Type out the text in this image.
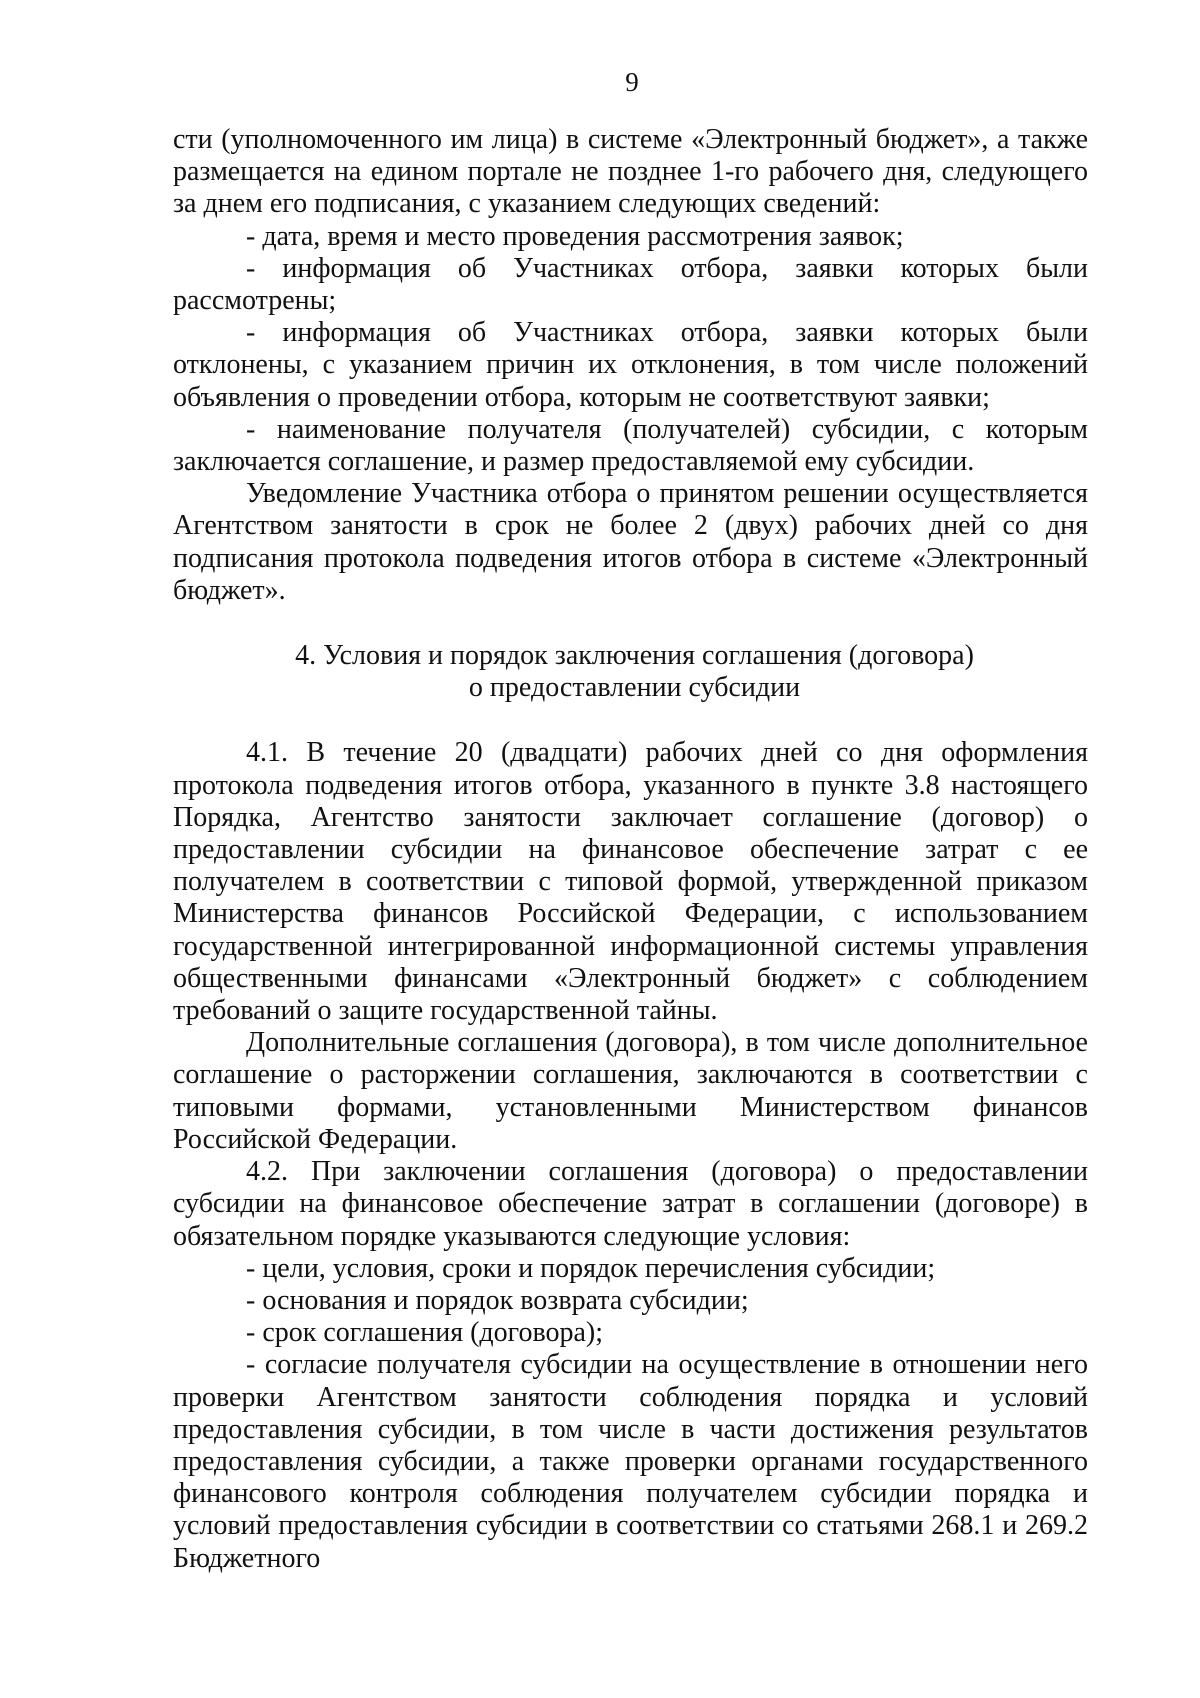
9

сти (уполномоченного им лица) в системе «Электронный бюджет», а также размещается на едином портале не позднее 1-го рабочего дня, следующего за днем его подписания, с указанием следующих сведений:

- дата, время и место проведения рассмотрения заявок;

- информация об Участниках отбора, заявки которых были рассмотрены;

- информация об Участниках отбора, заявки которых были отклонены, с указанием причин их отклонения, в том числе положений объявления о проведении отбора, которым не соответствуют заявки;

- наименование получателя (получателей) субсидии, с которым заключается соглашение, и размер предоставляемой ему субсидии.

Уведомление Участника отбора о принятом решении осуществляется Агентством занятости в срок не более 2 (двух) рабочих дней со дня подписания протокола подведения итогов отбора в системе «Электронный бюджет».

4. Условия и порядок заключения соглашения (договора)

о предоставлении субсидии

4.1. В течение 20 (двадцати) рабочих дней со дня оформления протокола подведения итогов отбора, указанного в пункте 3.8 настоящего Порядка, Агентство занятости заключает соглашение (договор) о предоставлении субсидии на финансовое обеспечение затрат с ее получателем в соответствии с типовой формой, утвержденной приказом Министерства финансов Российской Федерации, с использованием государственной интегрированной информационной системы управления общественными финансами «Электронный бюджет» с соблюдением требований о защите государственной тайны.

Дополнительные соглашения (договора), в том числе дополнительное соглашение о расторжении соглашения, заключаются в соответствии с типовыми формами, установленными Министерством финансов Российской Федерации.

4.2. При заключении соглашения (договора) о предоставлении субсидии на финансовое обеспечение затрат в соглашении (договоре) в обязательном порядке указываются следующие условия:

- цели, условия, сроки и порядок перечисления субсидии;

- основания и порядок возврата субсидии;

- срок соглашения (договора);

- согласие получателя субсидии на осуществление в отношении него проверки Агентством занятости соблюдения порядка и условий предоставления субсидии, в том числе в части достижения результатов предоставления субсидии, а также проверки органами государственного финансового контроля соблюдения получателем субсидии порядка и условий предоставления субсидии в соответствии со статьями 268.1 и 269.2 Бюджетного
